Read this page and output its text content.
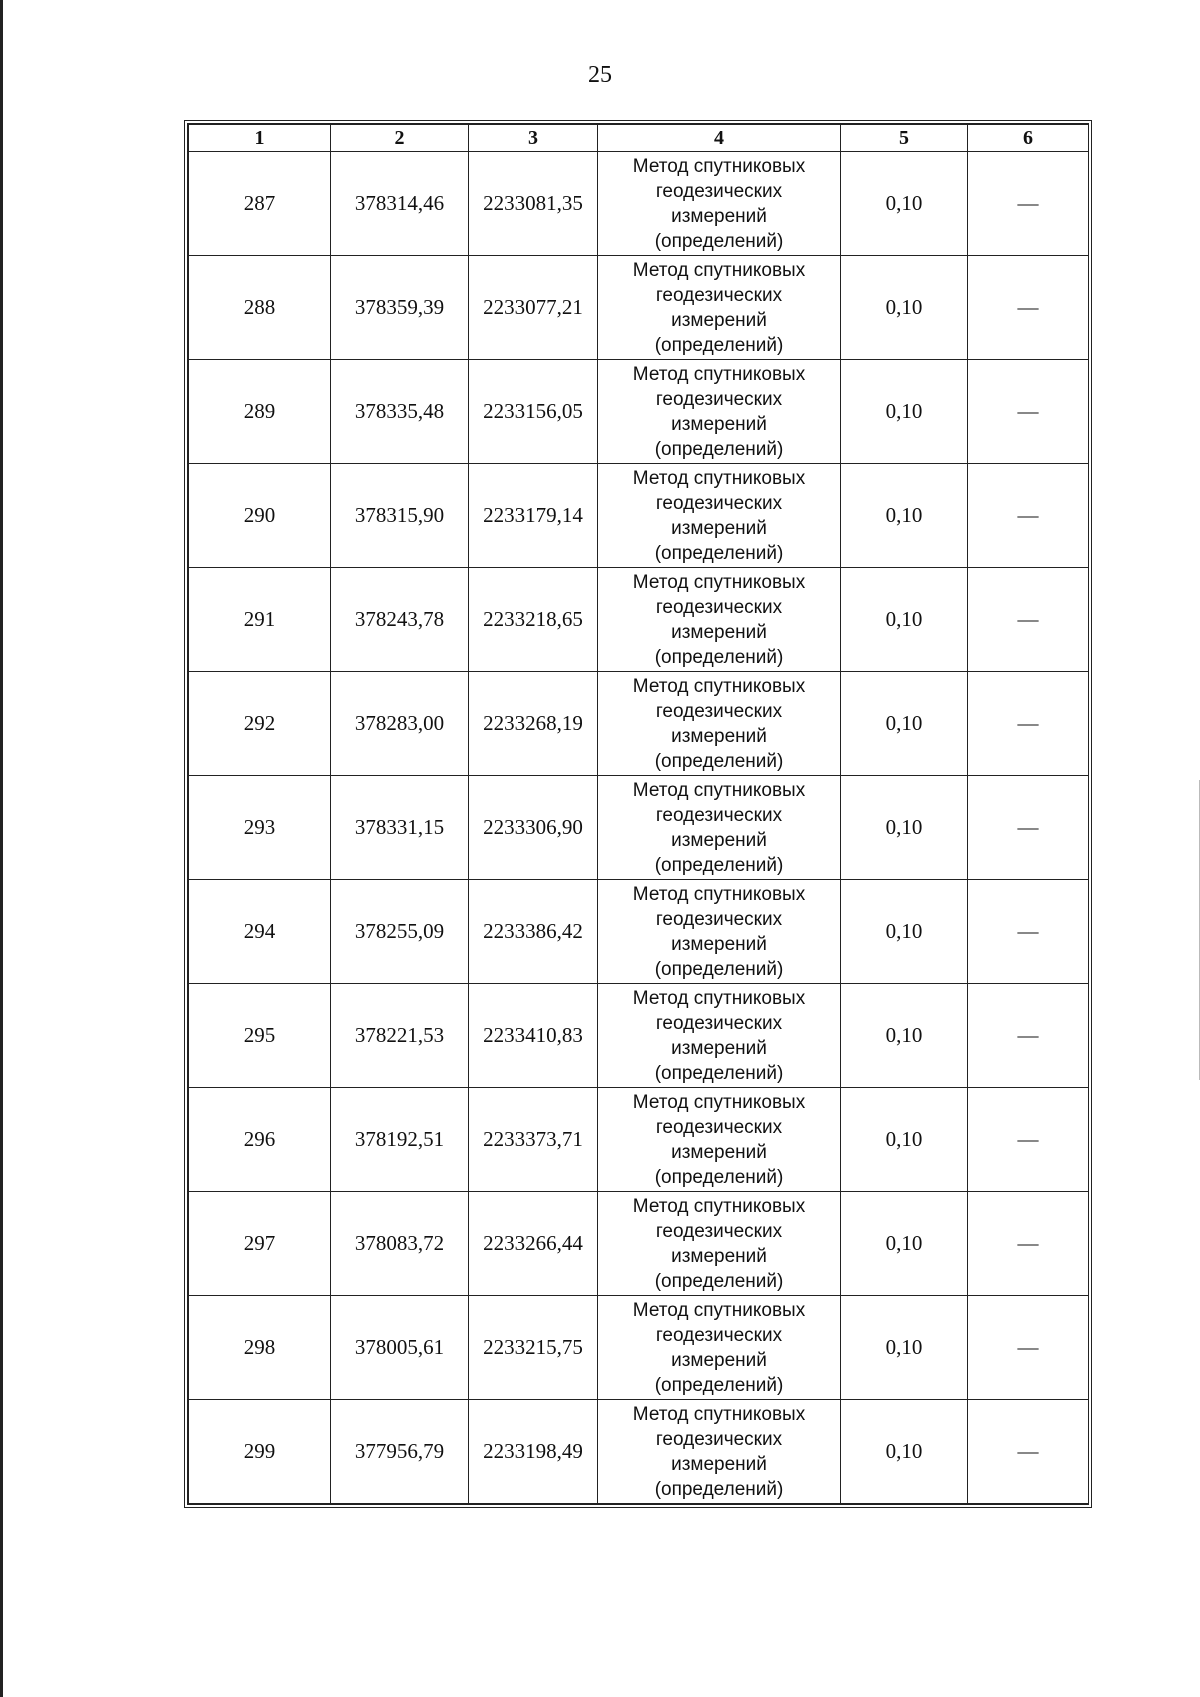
25
1	2	3	4	5	6
287	378314,46	2233081,35	Метод спутниковых
геодезических
измерений
(определений)	0,10	—
288	378359,39	2233077,21	Метод спутниковых
геодезических
измерений
(определений)	0,10	—
289	378335,48	2233156,05	Метод спутниковых
геодезических
измерений
(определений)	0,10	—
290	378315,90	2233179,14	Метод спутниковых
геодезических
измерений
(определений)	0,10	—
291	378243,78	2233218,65	Метод спутниковых
геодезических
измерений
(определений)	0,10	—
292	378283,00	2233268,19	Метод спутниковых
геодезических
измерений
(определений)	0,10	—
293	378331,15	2233306,90	Метод спутниковых
геодезических
измерений
(определений)	0,10	—
294	378255,09	2233386,42	Метод спутниковых
геодезических
измерений
(определений)	0,10	—
295	378221,53	2233410,83	Метод спутниковых
геодезических
измерений
(определений)	0,10	—
296	378192,51	2233373,71	Метод спутниковых
геодезических
измерений
(определений)	0,10	—
297	378083,72	2233266,44	Метод спутниковых
геодезических
измерений
(определений)	0,10	—
298	378005,61	2233215,75	Метод спутниковых
геодезических
измерений
(определений)	0,10	—
299	377956,79	2233198,49	Метод спутниковых
геодезических
измерений
(определений)	0,10	—
